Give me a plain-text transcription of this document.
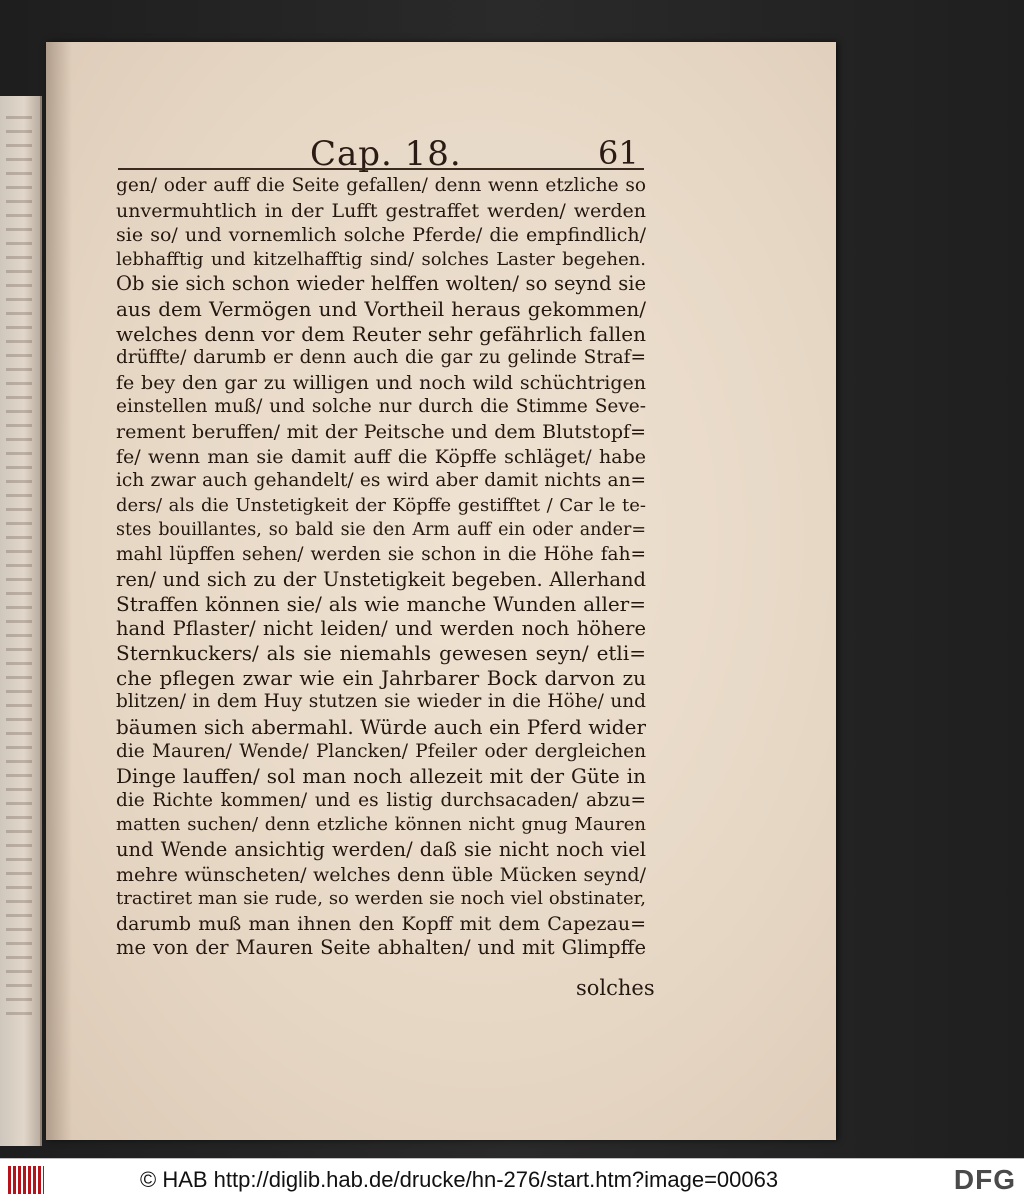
Cap. 18.	61
gen/ oder auff die Seite gefallen/ denn wenn etzliche so
unvermuhtlich in der Lufft gestraffet werden/ werden
sie so/ und vornemlich solche Pferde/ die empfindlich/
lebhafftig und kitzelhafftig sind/ solches Laster begehen.
Ob sie sich schon wieder helffen wolten/ so seynd sie
aus dem Vermögen und Vortheil heraus gekommen/
welches denn vor dem Reuter sehr gefährlich fallen
drüffte/ darumb er denn auch die gar zu gelinde Straf=
fe bey den gar zu willigen und noch wild schüchtrigen
einstellen muß/ und solche nur durch die Stimme Seve-
rement beruffen/ mit der Peitsche und dem Blutstopf=
fe/ wenn man sie damit auff die Köpffe schläget/ habe
ich zwar auch gehandelt/ es wird aber damit nichts an=
ders/ als die Unstetigkeit der Köpffe gestifftet / Car le te-
stes bouillantes, so bald sie den Arm auff ein oder ander=
mahl lüpffen sehen/ werden sie schon in die Höhe fah=
ren/ und sich zu der Unstetigkeit begeben. Allerhand
Straffen können sie/ als wie manche Wunden aller=
hand Pflaster/ nicht leiden/ und werden noch höhere
Sternkuckers/ als sie niemahls gewesen seyn/ etli=
che pflegen zwar wie ein Jahrbarer Bock darvon zu
blitzen/ in dem Huy stutzen sie wieder in die Höhe/ und
bäumen sich abermahl. Würde auch ein Pferd wider
die Mauren/ Wende/ Plancken/ Pfeiler oder dergleichen
Dinge lauffen/ sol man noch allezeit mit der Güte in
die Richte kommen/ und es listig durchsacaden/ abzu=
matten suchen/ denn etzliche können nicht gnug Mauren
und Wende ansichtig werden/ daß sie nicht noch viel
mehre wünscheten/ welches denn üble Mücken seynd/
tractiret man sie rude, so werden sie noch viel obstinater,
darumb muß man ihnen den Kopff mit dem Capezau=
me von der Mauren Seite abhalten/ und mit Glimpffe
solches
© HAB http://diglib.hab.de/drucke/hn-276/start.htm?image=00063	DFG
